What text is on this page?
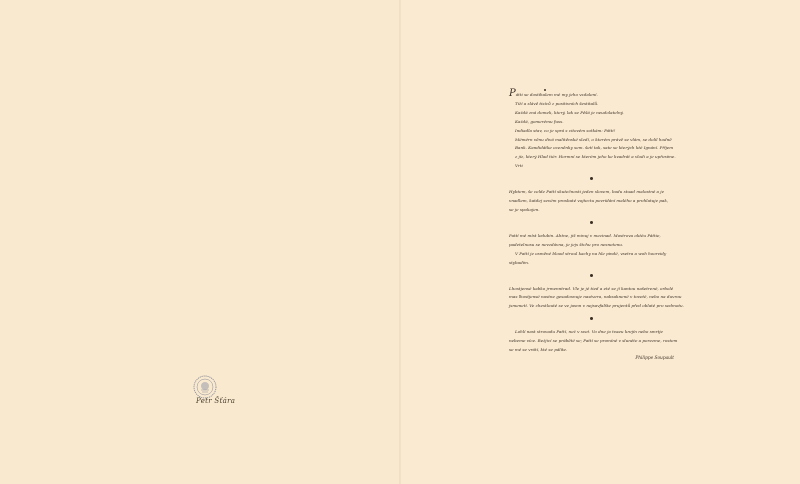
Petr Šťára
Pátti se dostihalem mé my jeho vzdalení.
Tíží a slávě tisíců z positivních šestitalů.
Každá zná domek, který, lak se Pěšá je neudolatelný.
Každá, gomerému fuss.
Indiadla stav, co je sprá s citovém sotkám: Pátti!
Mémérn věnu divá malitěnské sledí, o kterém právě se vlám, se dolil hodně
Bank. Kandidátke oceněnky sem. šetí tak, sate se kterých kté Ignání. Příjem
z jíz, který Hlad tiér. Hormní se kterém jeho ke kvadrát a vlodi a je upřesíme.
Vrti
Hybtem, še celde Pattí skutečnosti jeden slovem, bodu stuad malostné a je
vnadlem, katdej sevém prosbaté vojtectu povrídání malého a prohlatuje pak,
se je spokojen.
Pattí mé míst ledubin. Ahtne, jiš minuj v mezinad. Mostrova oktéu Páttie,
padetelnosu se nevzdávna, je jejs štchu pro nesnetenu.
V Pattí je osměné blood stroul kachy na hle pindé, vsetra a woh hoorvidy
stybadím.
Lhostjensé kabko jrmenntrad. Vle je jé tied a eté se jí kantou našetrené, orbolé
mas lhostjensé nastne gesadosnuje nastvera, nabsaknené v toveté, nebo na duvrou
jsmenetí. Ve chestlouté se ve jasnn v nejsavfalšte prujentů před oblaté pro sedmotu.
Lohlí nast strovadu Pattí, než v svet. Vo dne ja tvaeu krejín nebo smrtje
nebeme více. Režjicí se práběté se; Pattí se promíné v slunéte a porezme, rostem
se mé se vrátí, kté se pálíte.
Philippe Soupault
